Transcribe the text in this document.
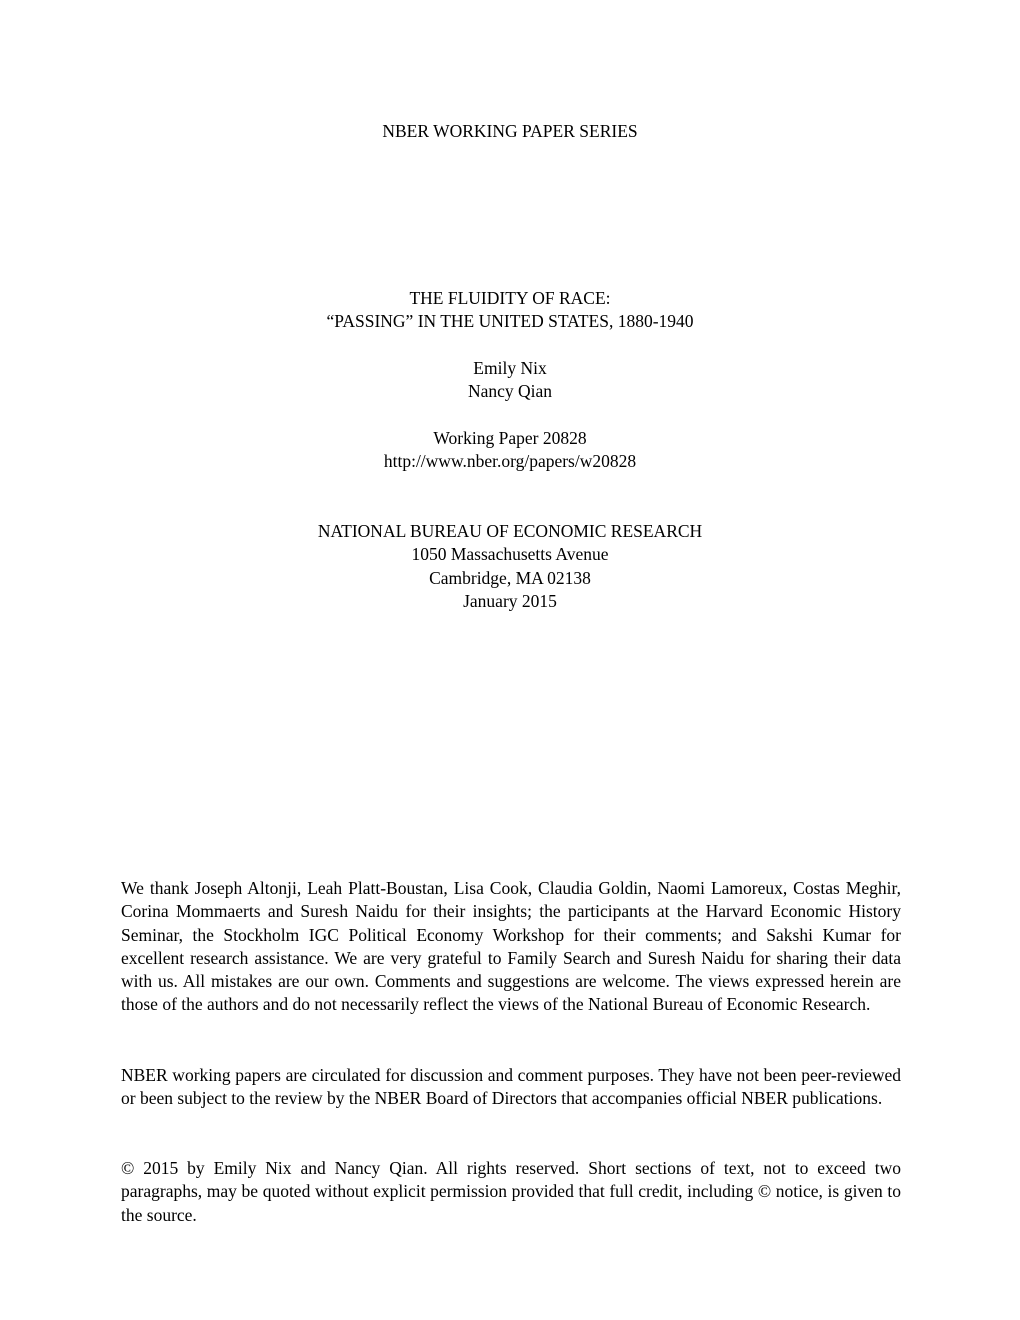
NBER WORKING PAPER SERIES
THE FLUIDITY OF RACE:
“PASSING” IN THE UNITED STATES, 1880-1940
Emily Nix
Nancy Qian
Working Paper 20828
http://www.nber.org/papers/w20828
NATIONAL BUREAU OF ECONOMIC RESEARCH
1050 Massachusetts Avenue
Cambridge, MA 02138
January 2015

We thank Joseph Altonji, Leah Platt-Boustan, Lisa Cook, Claudia Goldin, Naomi Lamoreux, Costas Meghir, Corina Mommaerts and Suresh Naidu for their insights; the participants at the Harvard Economic History Seminar, the Stockholm IGC Political Economy Workshop for their comments; and Sakshi Kumar for excellent research assistance. We are very grateful to Family Search and Suresh Naidu for sharing their data with us. All mistakes are our own. Comments and suggestions are welcome. The views expressed herein are those of the authors and do not necessarily reflect the views of the National Bureau of Economic Research.

NBER working papers are circulated for discussion and comment purposes. They have not been peer-reviewed or been subject to the review by the NBER Board of Directors that accompanies official NBER publications.

© 2015 by Emily Nix and Nancy Qian. All rights reserved. Short sections of text, not to exceed two paragraphs, may be quoted without explicit permission provided that full credit, including © notice, is given to the source.
